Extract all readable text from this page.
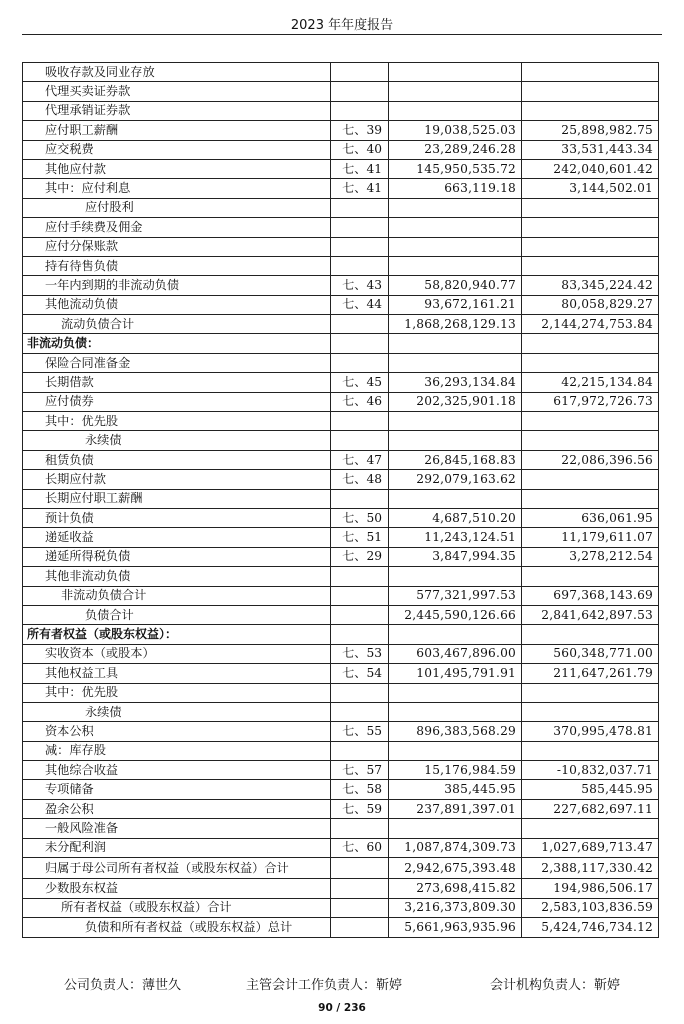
2023 年年度报告
吸收存款及同业存放			
代理买卖证券款			
代理承销证券款			
应付职工薪酬	七、39	19,038,525.03	25,898,982.75
应交税费	七、40	23,289,246.28	33,531,443.34
其他应付款	七、41	145,950,535.72	242,040,601.42
其中：应付利息	七、41	663,119.18	3,144,502.01
应付股利			
应付手续费及佣金			
应付分保账款			
持有待售负债			
一年内到期的非流动负债	七、43	58,820,940.77	83,345,224.42
其他流动负债	七、44	93,672,161.21	80,058,829.27
流动负债合计		1,868,268,129.13	2,144,274,753.84
非流动负债：			
保险合同准备金			
长期借款	七、45	36,293,134.84	42,215,134.84
应付债券	七、46	202,325,901.18	617,972,726.73
其中：优先股			
永续债			
租赁负债	七、47	26,845,168.83	22,086,396.56
长期应付款	七、48	292,079,163.62	
长期应付职工薪酬			
预计负债	七、50	4,687,510.20	636,061.95
递延收益	七、51	11,243,124.51	11,179,611.07
递延所得税负债	七、29	3,847,994.35	3,278,212.54
其他非流动负债			
非流动负债合计		577,321,997.53	697,368,143.69
负债合计		2,445,590,126.66	2,841,642,897.53
所有者权益（或股东权益）：			
实收资本（或股本）	七、53	603,467,896.00	560,348,771.00
其他权益工具	七、54	101,495,791.91	211,647,261.79
其中：优先股			
永续债			
资本公积	七、55	896,383,568.29	370,995,478.81
减：库存股			
其他综合收益	七、57	15,176,984.59	-10,832,037.71
专项储备	七、58	385,445.95	585,445.95
盈余公积	七、59	237,891,397.01	227,682,697.11
一般风险准备			
未分配利润	七、60	1,087,874,309.73	1,027,689,713.47
归属于母公司所有者权益（或股东权益）合计		2,942,675,393.48	2,388,117,330.42
少数股东权益		273,698,415.82	194,986,506.17
所有者权益（或股东权益）合计		3,216,373,809.30	2,583,103,836.59
负债和所有者权益（或股东权益）总计		5,661,963,935.96	5,424,746,734.12
公司负责人：薄世久	主管会计工作负责人：靳婷	会计机构负责人：靳婷
90 / 236
